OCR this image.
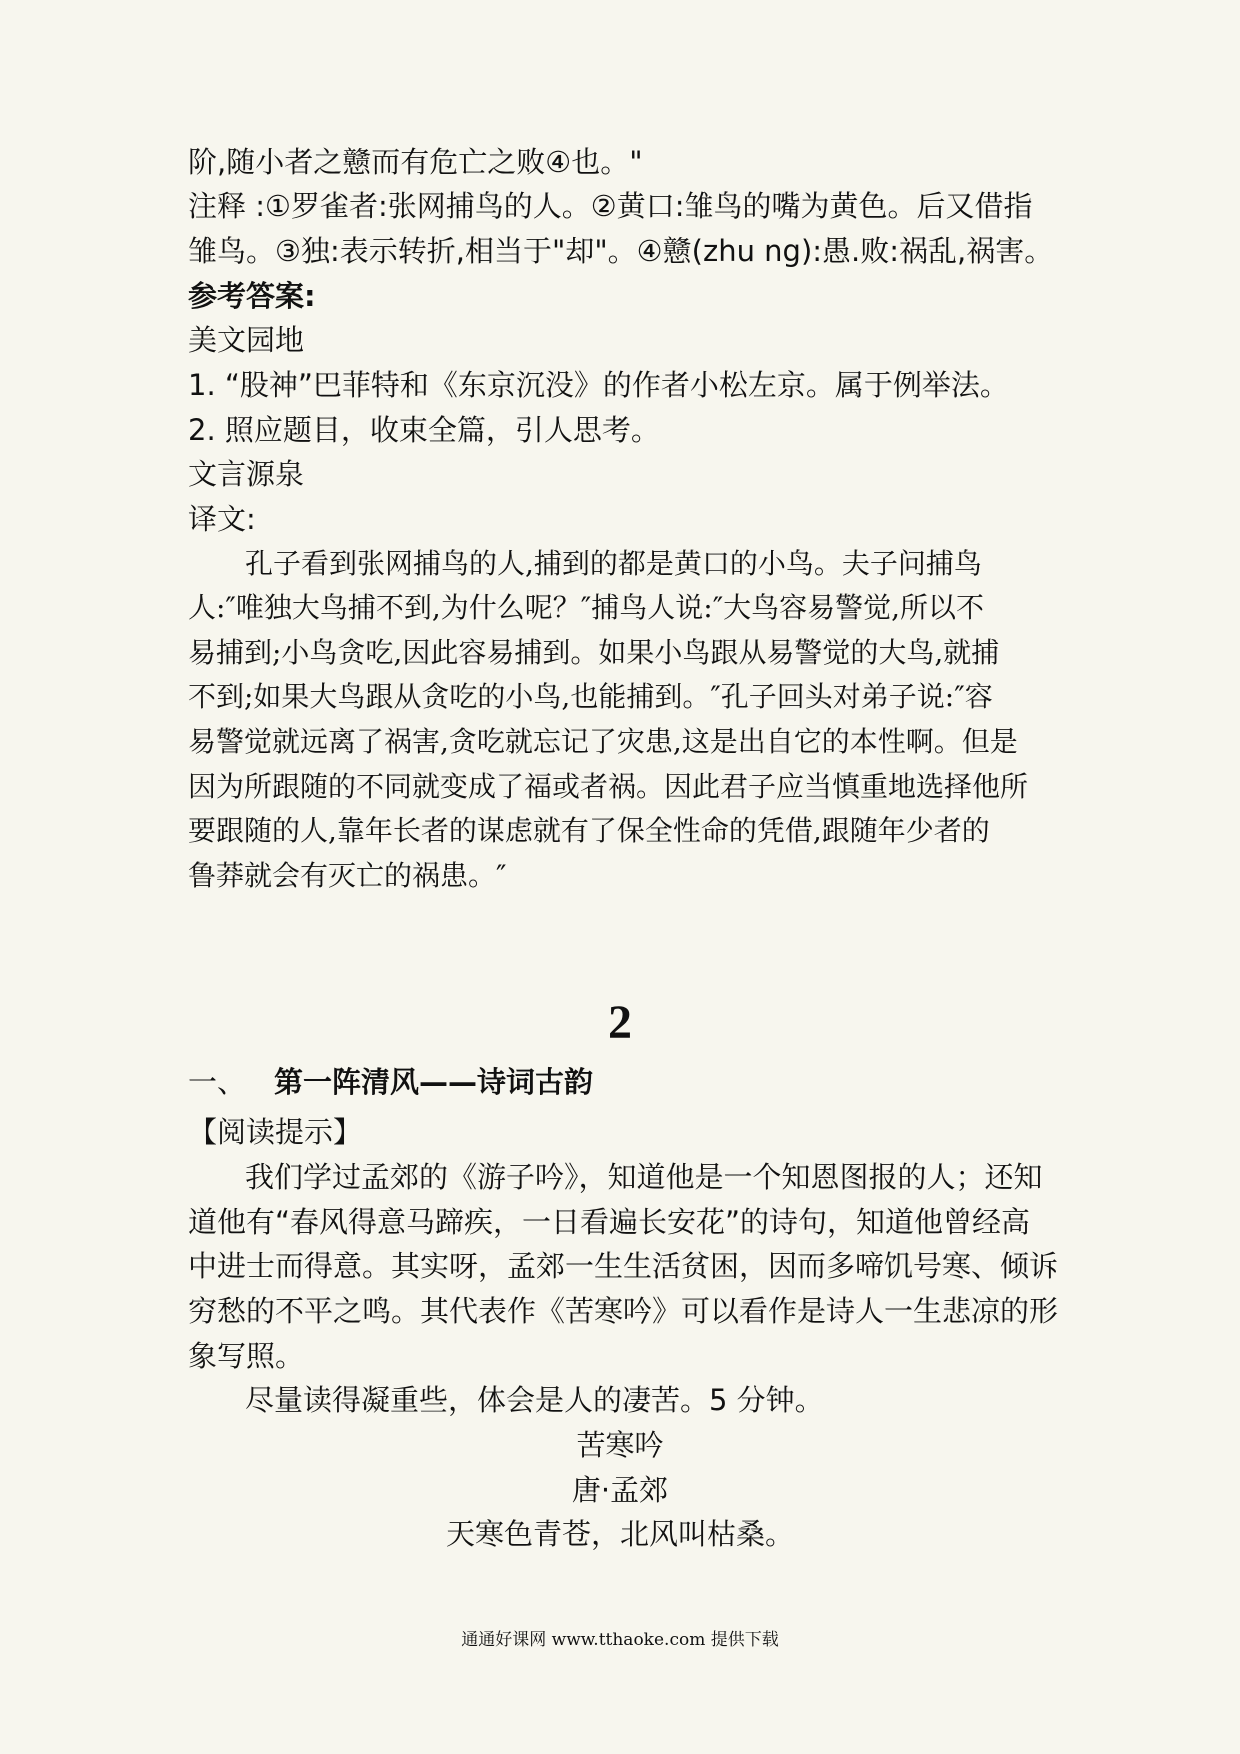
阶,随小者之戆而有危亡之败④也。"
注释 :①罗雀者:张网捕鸟的人。②黄口:雏鸟的嘴为黄色。后又借指
雏鸟。③独:表示转折,相当于"却"。④戆(zhu ng):愚.败:祸乱,祸害。
参考答案:
美文园地
1. “股神”巴菲特和《东京沉没》的作者小松左京。属于例举法。
2. 照应题目，收束全篇，引人思考。
文言源泉
译文:
孔子看到张网捕鸟的人,捕到的都是黄口的小鸟。夫子问捕鸟
人:″唯独大鸟捕不到,为什么呢？″捕鸟人说:″大鸟容易警觉,所以不
易捕到;小鸟贪吃,因此容易捕到。如果小鸟跟从易警觉的大鸟,就捕
不到;如果大鸟跟从贪吃的小鸟,也能捕到。″孔子回头对弟子说:″容
易警觉就远离了祸害,贪吃就忘记了灾患,这是出自它的本性啊。但是
因为所跟随的不同就变成了福或者祸。因此君子应当慎重地选择他所
要跟随的人,靠年长者的谋虑就有了保全性命的凭借,跟随年少者的
鲁莽就会有灭亡的祸患。″
2
一、 第一阵清风——诗词古韵
【阅读提示】
我们学过孟郊的《游子吟》，知道他是一个知恩图报的人；还知
道他有“春风得意马蹄疾，一日看遍长安花”的诗句，知道他曾经高
中进士而得意。其实呀，孟郊一生生活贫困，因而多啼饥号寒、倾诉
穷愁的不平之鸣。其代表作《苦寒吟》可以看作是诗人一生悲凉的形
象写照。
尽量读得凝重些，体会是人的凄苦。5 分钟。
苦寒吟
唐·孟郊
天寒色青苍，北风叫枯桑。
通通好课网 www.tthaoke.com 提供下载
